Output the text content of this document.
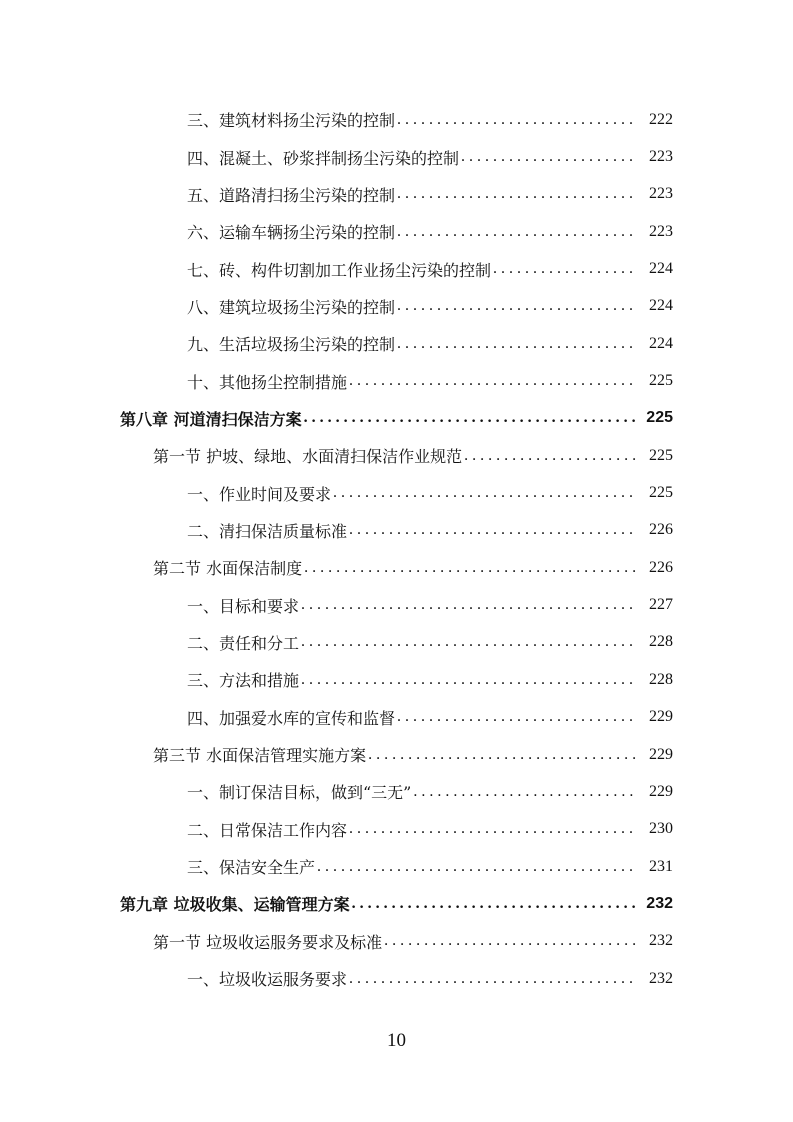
三、建筑材料扬尘污染的控制 . . .	222
四、混凝土、砂浆拌制扬尘污染的控制 . . .	223
五、道路清扫扬尘污染的控制 . . .	223
六、运输车辆扬尘污染的控制 . . .	223
七、砖、构件切割加工作业扬尘污染的控制 . . .	224
八、建筑垃圾扬尘污染的控制 . . .	224
九、生活垃圾扬尘污染的控制 . . .	224
十、其他扬尘控制措施 . . .	225
第八章 河道清扫保洁方案 . . .	225
第一节 护坡、绿地、水面清扫保洁作业规范 . . .	225
一、作业时间及要求 . . .	225
二、清扫保洁质量标准 . . .	226
第二节 水面保洁制度 . . .	226
一、目标和要求 . . .	227
二、责任和分工 . . .	228
三、方法和措施 . . .	228
四、加强爱水库的宣传和监督 . . .	229
第三节 水面保洁管理实施方案 . . .	229
一、制订保洁目标，做到“三无” . . .	229
二、日常保洁工作内容 . . .	230
三、保洁安全生产 . . .	231
第九章 垃圾收集、运输管理方案 . . .	232
第一节 垃圾收运服务要求及标准 . . .	232
一、垃圾收运服务要求 . . .	232
10
